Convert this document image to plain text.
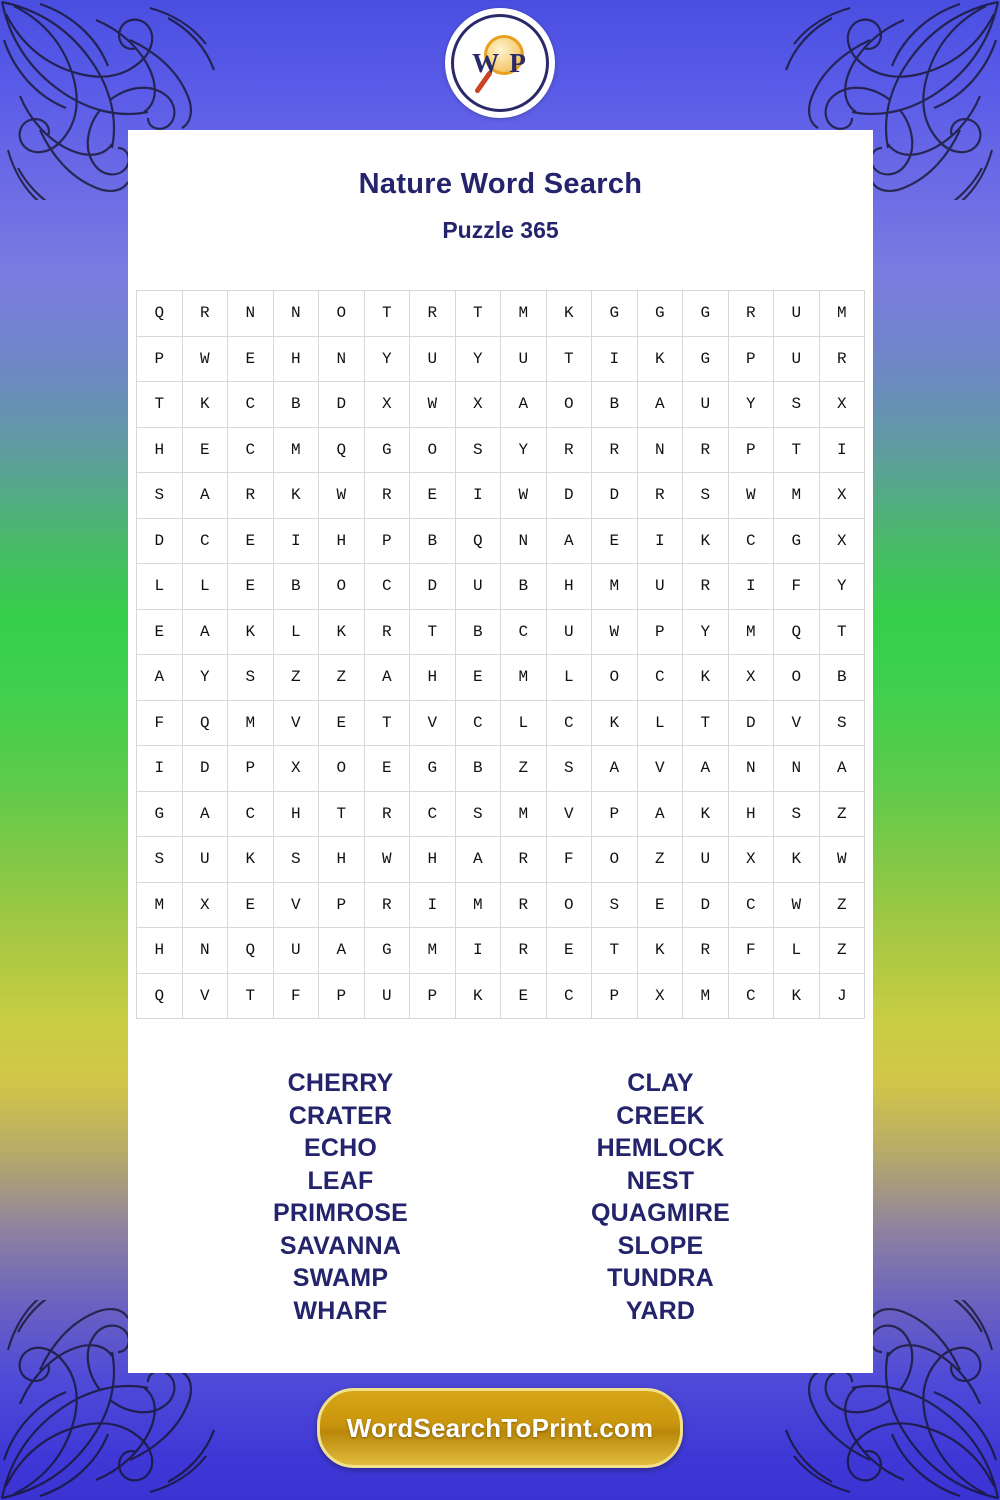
W P
Nature Word Search
Puzzle 365
Q	R	N	N	O	T	R	T	M	K	G	G	G	R	U	M
P	W	E	H	N	Y	U	Y	U	T	I	K	G	P	U	R
T	K	C	B	D	X	W	X	A	O	B	A	U	Y	S	X
H	E	C	M	Q	G	O	S	Y	R	R	N	R	P	T	I
S	A	R	K	W	R	E	I	W	D	D	R	S	W	M	X
D	C	E	I	H	P	B	Q	N	A	E	I	K	C	G	X
L	L	E	B	O	C	D	U	B	H	M	U	R	I	F	Y
E	A	K	L	K	R	T	B	C	U	W	P	Y	M	Q	T
A	Y	S	Z	Z	A	H	E	M	L	O	C	K	X	O	B
F	Q	M	V	E	T	V	C	L	C	K	L	T	D	V	S
I	D	P	X	O	E	G	B	Z	S	A	V	A	N	N	A
G	A	C	H	T	R	C	S	M	V	P	A	K	H	S	Z
S	U	K	S	H	W	H	A	R	F	O	Z	U	X	K	W
M	X	E	V	P	R	I	M	R	O	S	E	D	C	W	Z
H	N	Q	U	A	G	M	I	R	E	T	K	R	F	L	Z
Q	V	T	F	P	U	P	K	E	C	P	X	M	C	K	J
CHERRY
CRATER
ECHO
LEAF
PRIMROSE
SAVANNA
SWAMP
WHARF
CLAY
CREEK
HEMLOCK
NEST
QUAGMIRE
SLOPE
TUNDRA
YARD
WordSearchToPrint.com
